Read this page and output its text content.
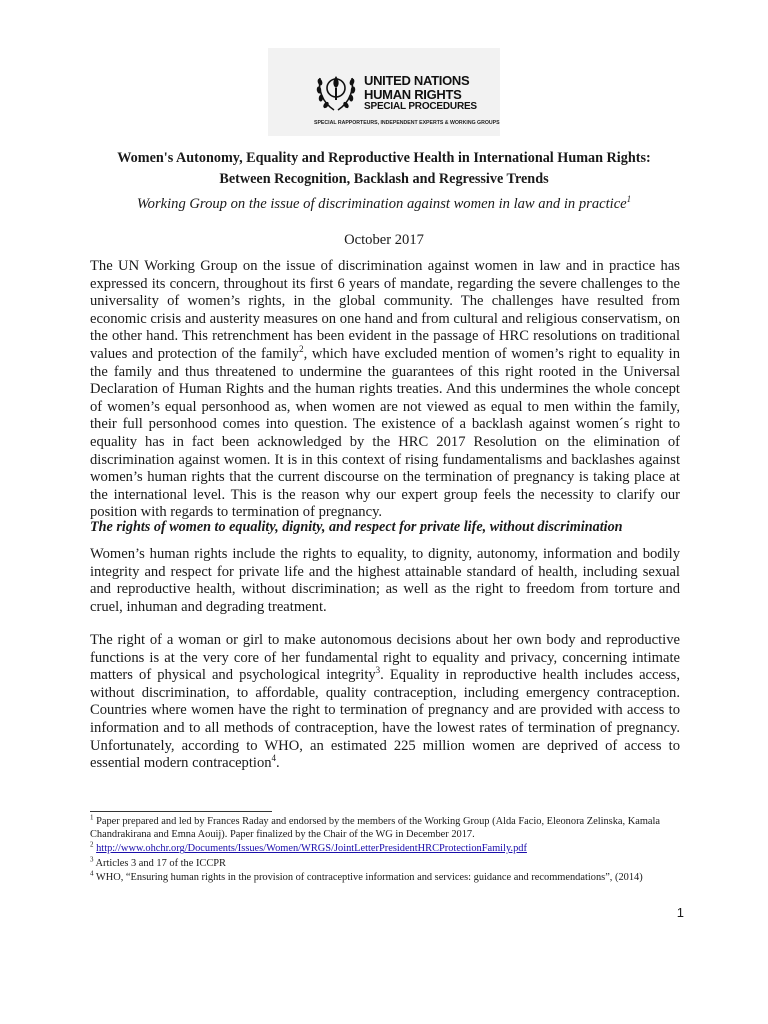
UNITED NATIONS
HUMAN RIGHTS
SPECIAL PROCEDURES
SPECIAL RAPPORTEURS, INDEPENDENT EXPERTS & WORKING GROUPS
Women's Autonomy, Equality and Reproductive Health in International Human Rights:
Between Recognition, Backlash and Regressive Trends
Working Group on the issue of discrimination against women in law and in practice$^1$
October 2017
The UN Working Group on the issue of discrimination against women in law and in practice has expressed its concern, throughout its first 6 years of mandate, regarding the severe challenges to the universality of women’s rights, in the global community. The challenges have resulted from economic crisis and austerity measures on one hand and from cultural and religious conservatism, on the other hand. This retrenchment has been evident in the passage of HRC resolutions on traditional values and protection of the family$^2$, which have excluded mention of women’s right to equality in the family and thus threatened to undermine the guarantees of this right rooted in the Universal Declaration of Human Rights and the human rights treaties. And this undermines the whole concept of women’s equal personhood as, when women are not viewed as equal to men within the family, their full personhood comes into question. The existence of a backlash against women´s right to equality has in fact been acknowledged by the HRC 2017 Resolution on the elimination of discrimination against women. It is in this context of rising fundamentalisms and backlashes against women’s human rights that the current discourse on the termination of pregnancy is taking place at the international level. This is the reason why our expert group feels the necessity to clarify our position with regards to termination of pregnancy.
The rights of women to equality, dignity, and respect for private life, without discrimination
Women’s human rights include the rights to equality, to dignity, autonomy, information and bodily integrity and respect for private life and the highest attainable standard of health, including sexual and reproductive health, without discrimination; as well as the right to freedom from torture and cruel, inhuman and degrading treatment.
The right of a woman or girl to make autonomous decisions about her own body and reproductive functions is at the very core of her fundamental right to equality and privacy, concerning intimate matters of physical and psychological integrity$^3$. Equality in reproductive health includes access, without discrimination, to affordable, quality contraception, including emergency contraception. Countries where women have the right to termination of pregnancy and are provided with access to information and to all methods of contraception, have the lowest rates of termination of pregnancy. Unfortunately, according to WHO, an estimated 225 million women are deprived of access to essential modern contraception$^4$.
$^1$ Paper prepared and led by Frances Raday and endorsed by the members of the Working Group (Alda Facio, Eleonora Zelinska, Kamala Chandrakirana and Emna Aouij). Paper finalized by the Chair of the WG in December 2017.
$^2$ http://www.ohchr.org/Documents/Issues/Women/WRGS/JointLetterPresidentHRCProtectionFamily.pdf
$^3$ Articles 3 and 17 of the ICCPR
$^4$ WHO, “Ensuring human rights in the provision of contraceptive information and services: guidance and recommendations”, (2014)
1
